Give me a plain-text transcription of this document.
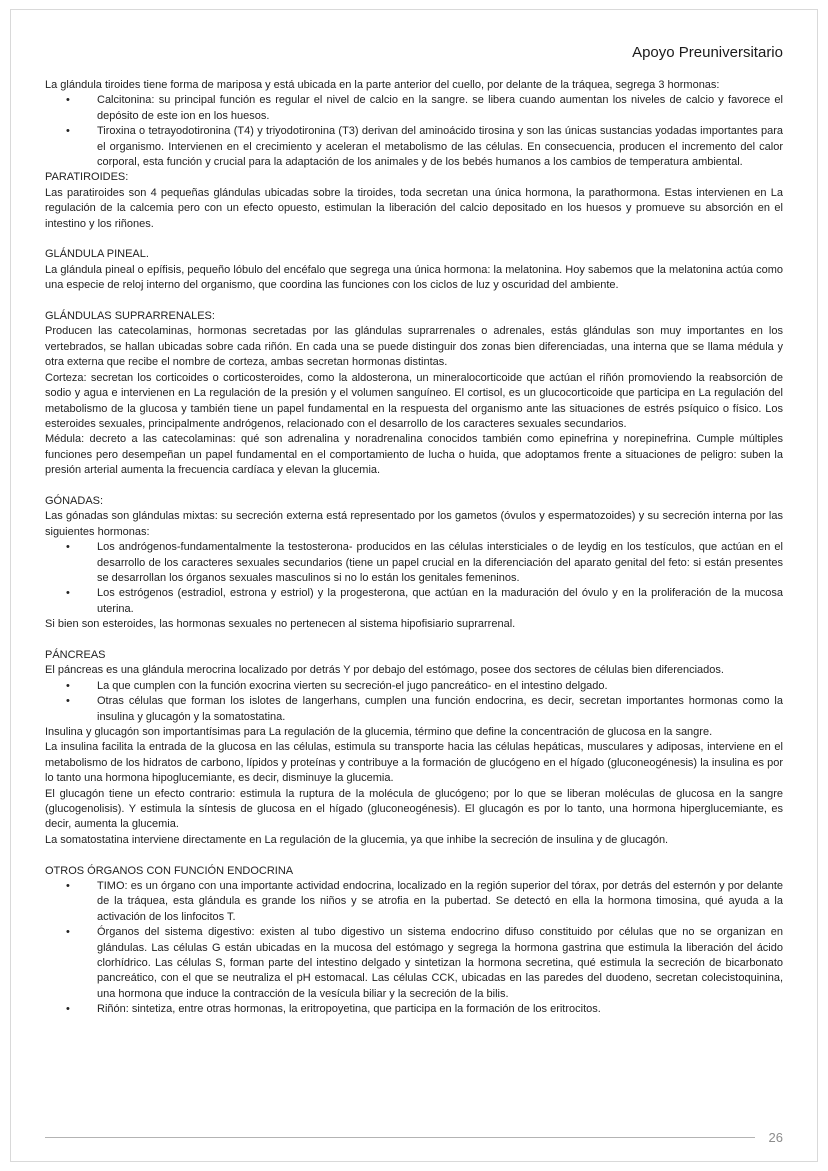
Apoyo Preuniversitario

La glándula tiroides tiene forma de mariposa y está ubicada en la parte anterior del cuello, por delante de la tráquea, segrega 3 hormonas:

• Calcitonina: su principal función es regular el nivel de calcio en la sangre. se libera cuando aumentan los niveles de calcio y favorece el depósito de este ion en los huesos.
• Tiroxina o tetrayodotironina (T4) y triyodotironina (T3) derivan del aminoácido tirosina y son las únicas sustancias yodadas importantes para el organismo. Intervienen en el crecimiento y aceleran el metabolismo de las células. En consecuencia, producen el incremento del calor corporal, esta función y crucial para la adaptación de los animales y de los bebés humanos a los cambios de temperatura ambiental.

PARATIROIDES:

Las paratiroides son 4 pequeñas glándulas ubicadas sobre la tiroides, toda secretan una única hormona, la parathormona. Estas intervienen en La regulación de la calcemia pero con un efecto opuesto, estimulan la liberación del calcio depositado en los huesos y promueve su absorción en el intestino y los riñones.

GLÁNDULA PINEAL.

La glándula pineal o epífisis, pequeño lóbulo del encéfalo que segrega una única hormona: la melatonina. Hoy sabemos que la melatonina actúa como una especie de reloj interno del organismo, que coordina las funciones con los ciclos de luz y oscuridad del ambiente.

GLÁNDULAS SUPRARRENALES:

Producen las catecolaminas, hormonas secretadas por las glándulas suprarrenales o adrenales, estás glándulas son muy importantes en los vertebrados, se hallan ubicadas sobre cada riñón. En cada una se puede distinguir dos zonas bien diferenciadas, una interna que se llama médula y otra externa que recibe el nombre de corteza, ambas secretan hormonas distintas.

Corteza: secretan los corticoides o corticosteroides, como la aldosterona, un mineralocorticoide que actúan el riñón promoviendo la reabsorción de sodio y agua e intervienen en La regulación de la presión y el volumen sanguíneo. El cortisol, es un glucocorticoide que participa en La regulación del metabolismo de la glucosa y también tiene un papel fundamental en la respuesta del organismo ante las situaciones de estrés psíquico o físico. Los esteroides sexuales, principalmente andrógenos, relacionado con el desarrollo de los caracteres sexuales secundarios.

Médula: decreto a las catecolaminas: qué son adrenalina y noradrenalina conocidos también como epinefrina y norepinefrina. Cumple múltiples funciones pero desempeñan un papel fundamental en el comportamiento de lucha o huida, que adoptamos frente a situaciones de peligro: suben la presión arterial aumenta la frecuencia cardíaca y elevan la glucemia.

GÓNADAS:

Las gónadas son glándulas mixtas: su secreción externa está representado por los gametos (óvulos y espermatozoides) y su secreción interna por las siguientes hormonas:

• Los andrógenos-fundamentalmente la testosterona- producidos en las células intersticiales o de leydig en los testículos, que actúan en el desarrollo de los caracteres sexuales secundarios (tiene un papel crucial en la diferenciación del aparato genital del feto: si están presentes se desarrollan los órganos sexuales masculinos si no lo están los genitales femeninos.
• Los estrógenos (estradiol, estrona y estriol) y la progesterona, que actúan en la maduración del óvulo y en la proliferación de la mucosa uterina.

Si bien son esteroides, las hormonas sexuales no pertenecen al sistema hipofisiario suprarrenal.

PÁNCREAS

El páncreas es una glándula merocrina localizado por detrás Y por debajo del estómago, posee dos sectores de células bien diferenciados.

• La que cumplen con la función exocrina vierten su secreción-el jugo pancreático- en el intestino delgado.
• Otras células que forman los islotes de langerhans, cumplen una función endocrina, es decir, secretan importantes hormonas como la insulina y glucagón y la somatostatina.

Insulina y glucagón son importantísimas para La regulación de la glucemia, término que define la concentración de glucosa en la sangre.

La insulina facilita la entrada de la glucosa en las células, estimula su transporte hacia las células hepáticas, musculares y adiposas, interviene en el metabolismo de los hidratos de carbono, lípidos y proteínas y contribuye a la formación de glucógeno en el hígado (gluconeogénesis) la insulina es por lo tanto una hormona hipoglucemiante, es decir, disminuye la glucemia.

El glucagón tiene un efecto contrario: estimula la ruptura de la molécula de glucógeno; por lo que se liberan moléculas de glucosa en la sangre (glucogenolisis). Y estimula la síntesis de glucosa en el hígado (gluconeogénesis). El glucagón es por lo tanto, una hormona hiperglucemiante, es decir, aumenta la glucemia.

La somatostatina interviene directamente en La regulación de la glucemia, ya que inhibe la secreción de insulina y de glucagón.

OTROS ÓRGANOS CON FUNCIÓN ENDOCRINA

• TIMO: es un órgano con una importante actividad endocrina, localizado en la región superior del tórax, por detrás del esternón y por delante de la tráquea, esta glándula es grande los niños y se atrofia en la pubertad. Se detectó en ella la hormona timosina, qué ayuda a la activación de los linfocitos T.
• Órganos del sistema digestivo: existen al tubo digestivo un sistema endocrino difuso constituido por células que no se organizan en glándulas. Las células G están ubicadas en la mucosa del estómago y segrega la hormona gastrina que estimula la liberación del ácido clorhídrico. Las células S, forman parte del intestino delgado y sintetizan la hormona secretina, qué estimula la secreción de bicarbonato pancreático, con el que se neutraliza el pH estomacal. Las células CCK, ubicadas en las paredes del duodeno, secretan colecistoquinina, una hormona que induce la contracción de la vesícula biliar y la secreción de la bilis.
• Riñón: sintetiza, entre otras hormonas, la eritropoyetina, que participa en la formación de los eritrocitos.
26
